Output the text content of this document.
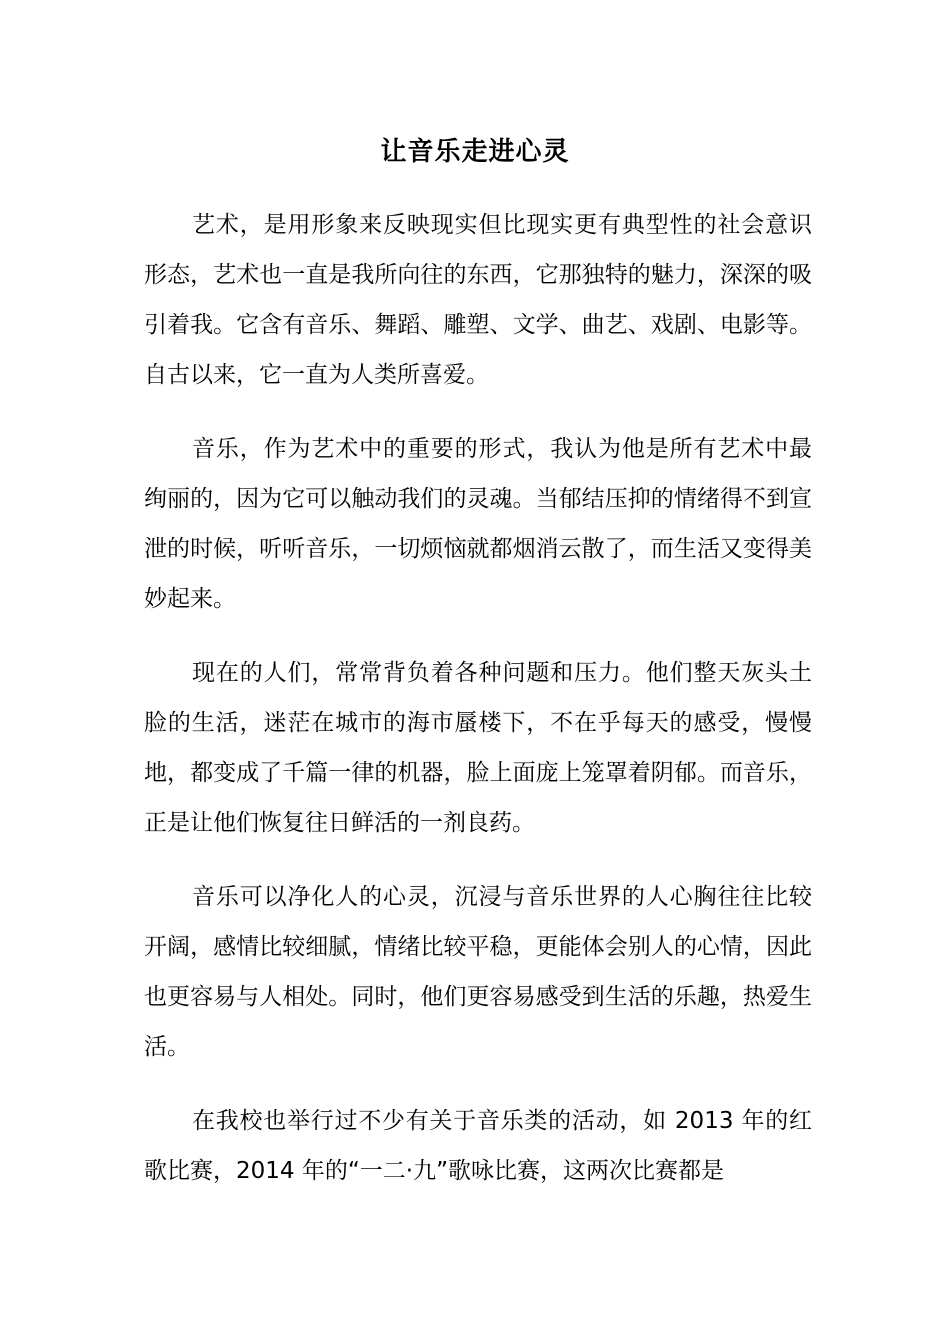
让音乐走进心灵

艺术，是用形象来反映现实但比现实更有典型性的社会意识形态，艺术也一直是我所向往的东西，它那独特的魅力，深深的吸引着我。它含有音乐、舞蹈、雕塑、文学、曲艺、戏剧、电影等。自古以来，它一直为人类所喜爱。

音乐，作为艺术中的重要的形式，我认为他是所有艺术中最绚丽的，因为它可以触动我们的灵魂。当郁结压抑的情绪得不到宣泄的时候，听听音乐，一切烦恼就都烟消云散了，而生活又变得美妙起来。

现在的人们，常常背负着各种问题和压力。他们整天灰头土脸的生活，迷茫在城市的海市蜃楼下，不在乎每天的感受，慢慢地，都变成了千篇一律的机器，脸上面庞上笼罩着阴郁。而音乐，正是让他们恢复往日鲜活的一剂良药。

音乐可以净化人的心灵，沉浸与音乐世界的人心胸往往比较开阔，感情比较细腻，情绪比较平稳，更能体会别人的心情，因此也更容易与人相处。同时，他们更容易感受到生活的乐趣，热爱生活。

在我校也举行过不少有关于音乐类的活动，如 2013 年的红歌比赛，2014 年的“一二·九”歌咏比赛，这两次比赛都是
